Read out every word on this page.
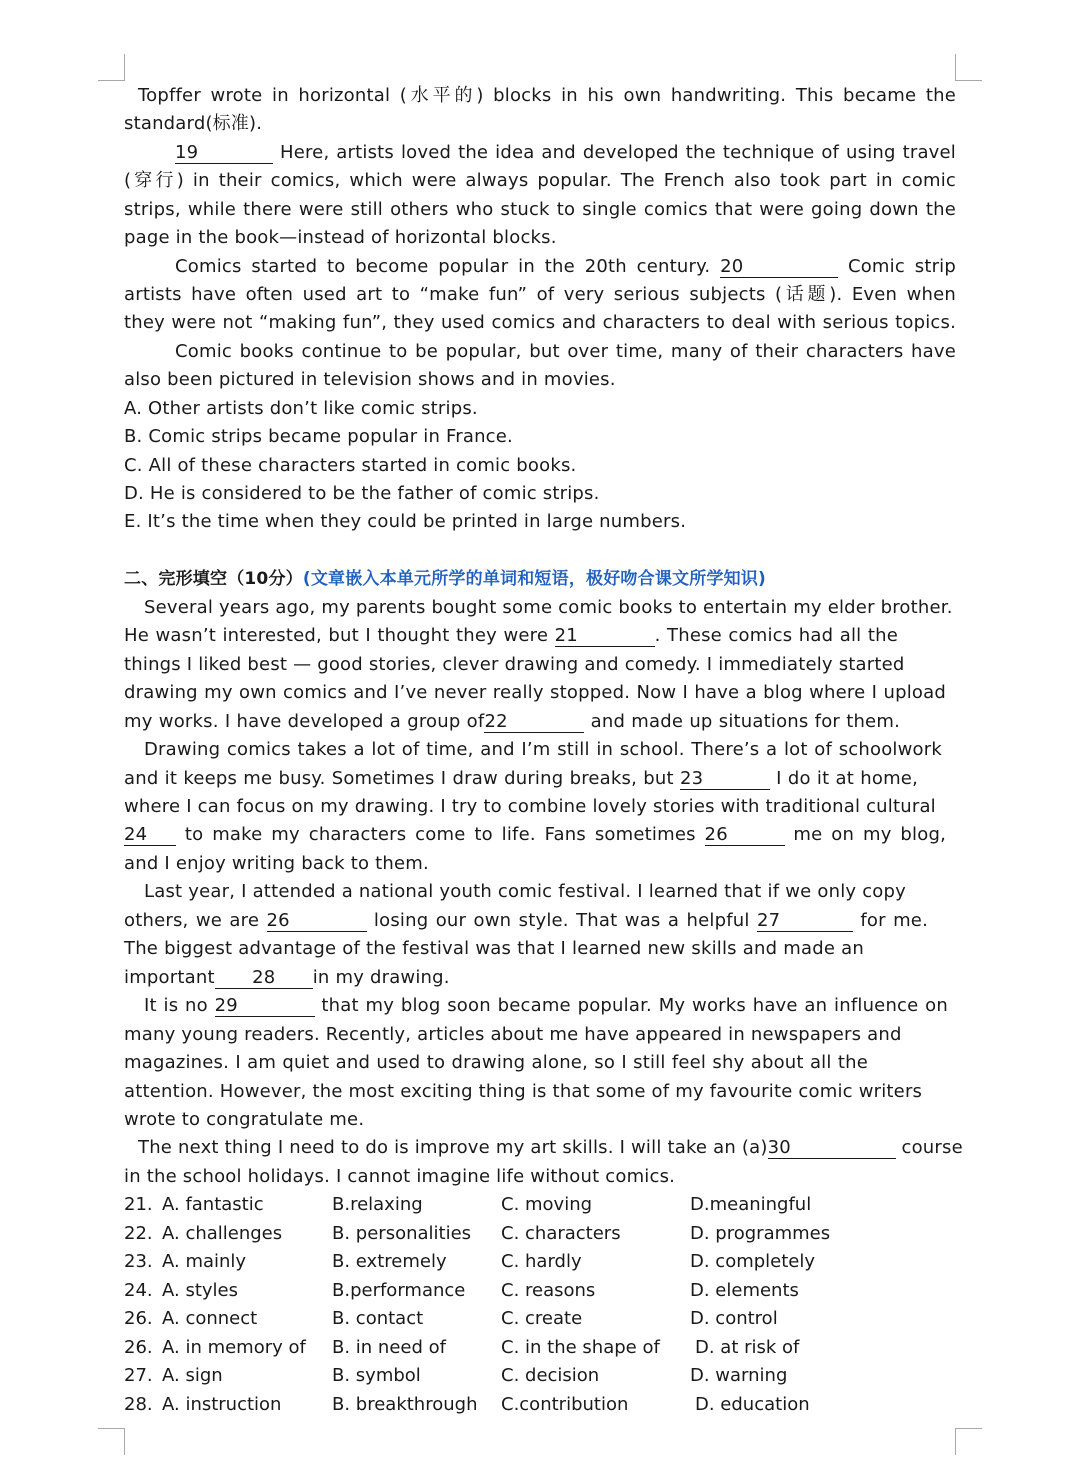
Topffer wrote in horizontal (水平的) blocks in his own handwriting. This became the
standard(标准).
19	Here, artists loved the idea and developed the technique of using travel
(穿行) in their comics, which were always popular. The French also took part in comic
strips, while there were still others who stuck to single comics that were going down the
page in the book—instead of horizontal blocks.
Comics started to become popular in the 20th century. 20	Comic strip
artists have often used art to “make fun” of very serious subjects (话题). Even when
they were not “making fun”, they used comics and characters to deal with serious topics.
Comic books continue to be popular, but over time, many of their characters have
also been pictured in television shows and in movies.
A. Other artists don’t like comic strips.
B. Comic strips became popular in France.
C. All of these characters started in comic books.
D. He is considered to be the father of comic strips.
E. It’s the time when they could be printed in large numbers.
二、完形填空（10分）(文章嵌入本单元所学的单词和短语，极好吻合课文所学知识)
Several years ago, my parents bought some comic books to entertain my elder brother.
He wasn’t interested, but I thought they were 21	. These comics had all the
things I liked best — good stories, clever drawing and comedy. I immediately started
drawing my own comics and I’ve never really stopped. Now I have a blog where I upload
my works. I have developed a group of22	and made up situations for them.
Drawing comics takes a lot of time, and I’m still in school. There’s a lot of schoolwork
and it keeps me busy. Sometimes I draw during breaks, but 23	I do it at home,
where I can focus on my drawing. I try to combine lovely stories with traditional cultural
24 to make my characters come to life. Fans sometimes 26	me on my blog,
and I enjoy writing back to them.
Last year, I attended a national youth comic festival. I learned that if we only copy
others, we are 26	losing our own style. That was a helpful 27	for me.
The biggest advantage of the festival was that I learned new skills and made an
important 28 in my drawing.
It is no 29	that my blog soon became popular. My works have an influence on
many young readers. Recently, articles about me have appeared in newspapers and
magazines. I am quiet and used to drawing alone, so I still feel shy about all the
attention. However, the most exciting thing is that some of my favourite comic writers
wrote to congratulate me.
The next thing I need to do is improve my art skills. I will take an (a)30	course
in the school holidays. I cannot imagine life without comics.
21. A. fantastic	B.relaxing	C. moving	D.meaningful
22. A. challenges	B. personalities C. characters	D. programmes
23. A. mainly	B. extremely	C. hardly	D. completely
24. A. styles	B.performance C. reasons	D. elements
26. A. connect	B. contact	C. create	D. control
26. A. in memory of B. in need of	C. in the shape of D. at risk of
27. A. sign	B. symbol	C. decision	D. warning
28. A. instruction	B. breakthrough C.contribution	D. education
